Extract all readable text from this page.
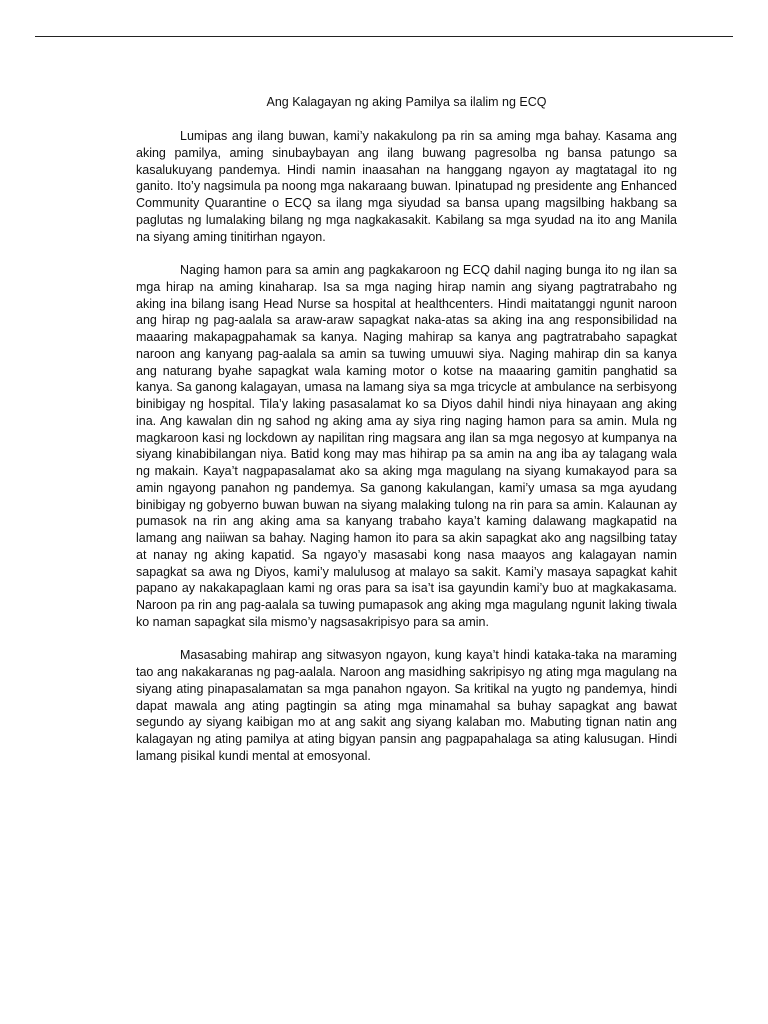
Ang Kalagayan ng aking Pamilya sa ilalim ng ECQ

Lumipas ang ilang buwan, kami’y nakakulong pa rin sa aming mga bahay. Kasama ang aking pamilya, aming sinubaybayan ang ilang buwang pagresolba ng bansa patungo sa kasalukuyang pandemya. Hindi namin inaasahan na hanggang ngayon ay magtatagal ito ng ganito. Ito’y nagsimula pa noong mga nakaraang buwan. Ipinatupad ng presidente ang Enhanced Community Quarantine o ECQ sa ilang mga siyudad sa bansa upang magsilbing hakbang sa paglutas ng lumalaking bilang ng mga nagkakasakit. Kabilang sa mga syudad na ito ang Manila na siyang aming tinitirhan ngayon.

Naging hamon para sa amin ang pagkakaroon ng ECQ dahil naging bunga ito ng ilan sa mga hirap na aming kinaharap. Isa sa mga naging hirap namin ang siyang pagtratrabaho ng aking ina bilang isang Head Nurse sa hospital at healthcenters. Hindi maitatanggi ngunit naroon ang hirap ng pag-aalala sa araw-araw sapagkat naka-atas sa aking ina ang responsibilidad na maaaring makapagpahamak sa kanya. Naging mahirap sa kanya ang pagtratrabaho sapagkat naroon ang kanyang pag-aalala sa amin sa tuwing umuuwi siya. Naging mahirap din sa kanya ang naturang byahe sapagkat wala kaming motor o kotse na maaaring gamitin panghatid sa kanya. Sa ganong kalagayan, umasa na lamang siya sa mga tricycle at ambulance na serbisyong binibigay ng hospital. Tila’y laking pasasalamat ko sa Diyos dahil hindi niya hinayaan ang aking ina. Ang kawalan din ng sahod ng aking ama ay siya ring naging hamon para sa amin. Mula ng magkaroon kasi ng lockdown ay napilitan ring magsara ang ilan sa mga negosyo at kumpanya na siyang kinabibilangan niya. Batid kong may mas hihirap pa sa amin na ang iba ay talagang wala ng makain. Kaya’t nagpapasalamat ako sa aking mga magulang na siyang kumakayod para sa amin ngayong panahon ng pandemya. Sa ganong kakulangan, kami’y umasa sa mga ayudang binibigay ng gobyerno buwan buwan na siyang malaking tulong na rin para sa amin. Kalaunan ay pumasok na rin ang aking ama sa kanyang trabaho kaya’t kaming dalawang magkapatid na lamang ang naiiwan sa bahay. Naging hamon ito para sa akin sapagkat ako ang nagsilbing tatay at nanay ng aking kapatid. Sa ngayo’y masasabi kong nasa maayos ang kalagayan namin sapagkat sa awa ng Diyos, kami’y malulusog at malayo sa sakit. Kami’y masaya sapagkat kahit papano ay nakakapaglaan kami ng oras para sa isa’t isa gayundin kami’y buo at magkakasama. Naroon pa rin ang pag-aalala sa tuwing pumapasok ang aking mga magulang ngunit laking tiwala ko naman sapagkat sila mismo’y nagsasakripisyo para sa amin.

Masasabing mahirap ang sitwasyon ngayon, kung kaya’t hindi kataka-taka na maraming tao ang nakakaranas ng pag-aalala. Naroon ang masidhing sakripisyo ng ating mga magulang na siyang ating pinapasalamatan sa mga panahon ngayon. Sa kritikal na yugto ng pandemya, hindi dapat mawala ang ating pagtingin sa ating mga minamahal sa buhay sapagkat ang bawat segundo ay siyang kaibigan mo at ang sakit ang siyang kalaban mo. Mabuting tignan natin ang kalagayan ng ating pamilya at ating bigyan pansin ang pagpapahalaga sa ating kalusugan. Hindi lamang pisikal kundi mental at emosyonal.
